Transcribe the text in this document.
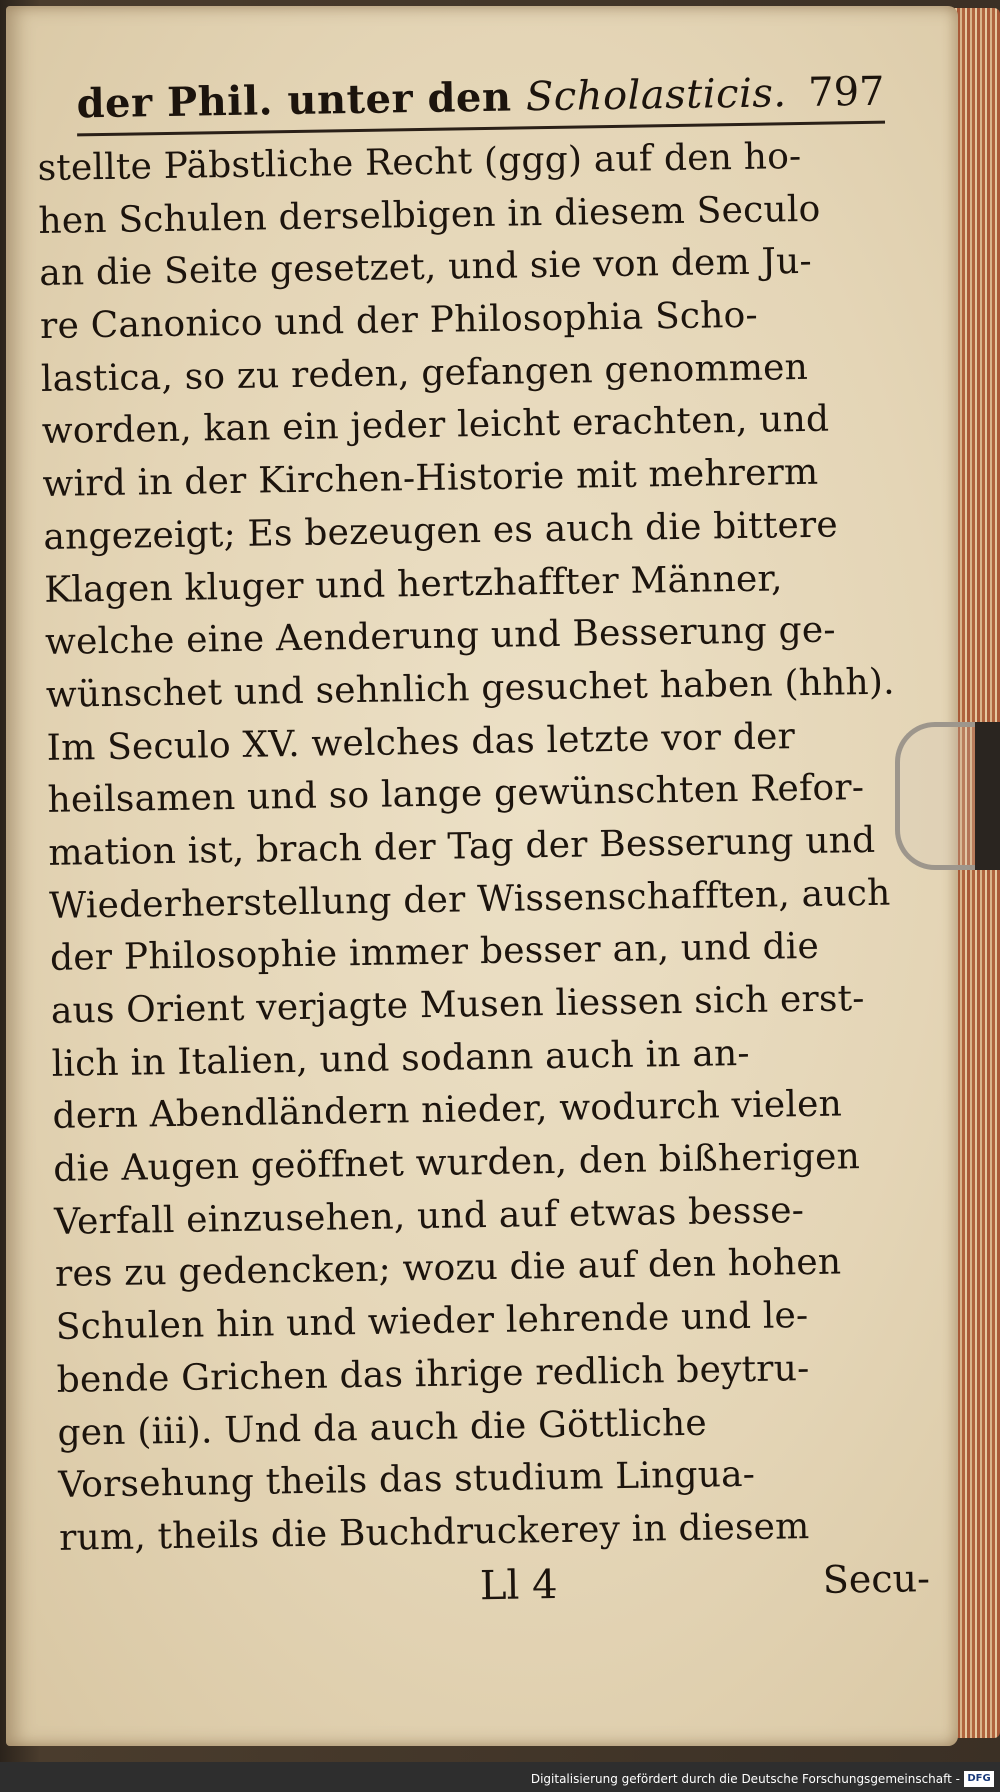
der Phil. unter den Scholasticis. 797
stellte Päbstliche Recht (ggg) auf den ho-
hen Schulen derselbigen in diesem Seculo
an die Seite gesetzet, und sie von dem Ju-
re Canonico und der Philosophia Scho-
lastica, so zu reden, gefangen genommen
worden, kan ein jeder leicht erachten, und
wird in der Kirchen-Historie mit mehrerm
angezeigt; Es bezeugen es auch die bittere
Klagen kluger und hertzhaffter Männer,
welche eine Aenderung und Besserung ge-
wünschet und sehnlich gesuchet haben (hhh).
Im Seculo XV. welches das letzte vor der
heilsamen und so lange gewünschten Refor-
mation ist, brach der Tag der Besserung und
Wiederherstellung der Wissenschafften, auch
der Philosophie immer besser an, und die
aus Orient verjagte Musen liessen sich erst-
lich in Italien, und sodann auch in an-
dern Abendländern nieder, wodurch vielen
die Augen geöffnet wurden, den bißherigen
Verfall einzusehen, und auf etwas besse-
res zu gedencken; wozu die auf den hohen
Schulen hin und wieder lehrende und le-
bende Grichen das ihrige redlich beytru-
gen (iii). Und da auch die Göttliche
Vorsehung theils das studium Lingua-
rum, theils die Buchdruckerey in diesem
Ll 4	Secu-
Digitalisierung gefördert durch die Deutsche Forschungsgemeinschaft - DFG
